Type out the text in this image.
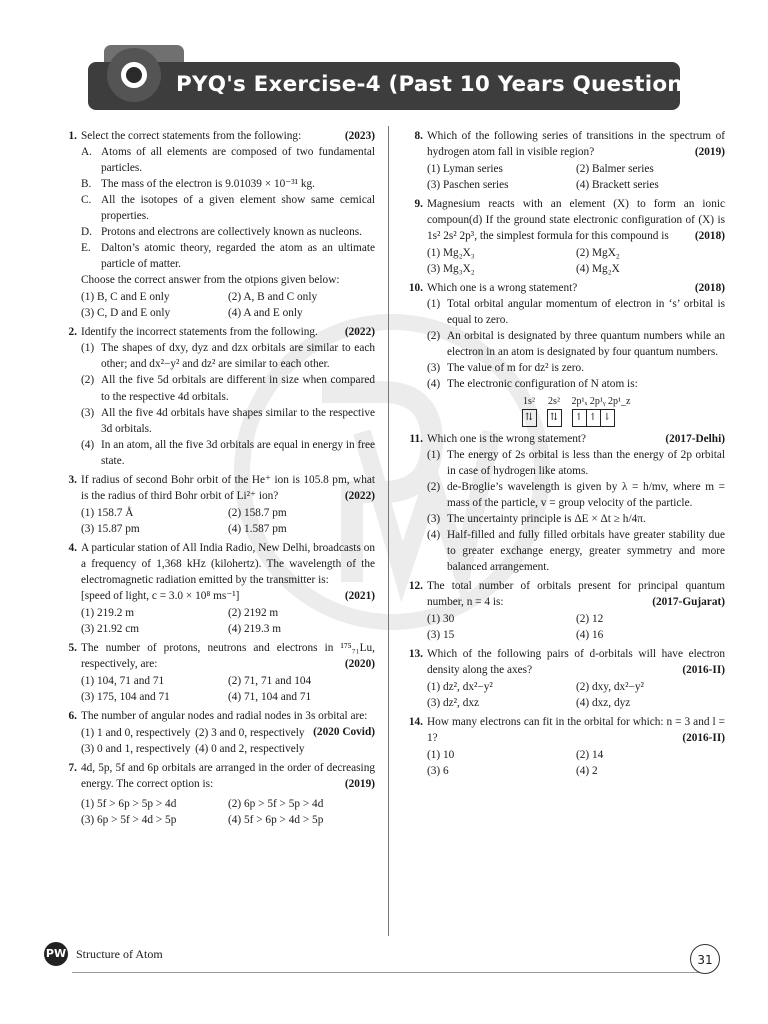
PYQ's Exercise-4 (Past 10 Years Questions)
1.	(2023)
Select the correct statements from the following:
A. Atoms of all elements are composed of two fundamental particles.
B. The mass of the electron is 9.01039 × 10⁻³¹ kg.
C. All the isotopes of a given element show same cemical properties.
D. Protons and electrons are collectively known as nucleons.
E. Dalton’s atomic theory, regarded the atom as an ultimate particle of matter.
Choose the correct answer from the otpions given below:
(1) B, C and E only	(2) A, B and C only
(3) C, D and E only	(4) A and E only
2.	(2022)
Identify the incorrect statements from the following.
(1) The shapes of dxy, dyz and dzx orbitals are similar to each other; and dx²−y² and dz² are similar to each other.
(2) All the five 5d orbitals are different in size when compared to the respective 4d orbitals.
(3) All the five 4d orbitals have shapes similar to the respective 3d orbitals.
(4) In an atom, all the five 3d orbitals are equal in energy in free state.
3. If radius of second Bohr orbit of the He⁺ ion is 105.8 pm, what is the radius of third Bohr orbit of Li²⁺ ion?	(2022)
(1) 158.7 Å	(2) 158.7 pm
(3) 15.87 pm	(4) 1.587 pm
4. A particular station of All India Radio, New Delhi, broadcasts on a frequency of 1,368 kHz (kilohertz). The wavelength of the electromagnetic radiation emitted by the transmitter is:
(2021)
[speed of light, c = 3.0 × 10⁸ ms⁻¹]
(1) 219.2 m	(2) 2192 m
(3) 21.92 cm	(4) 219.3 m
5. The number of protons, neutrons and electrons in ¹⁷⁵₇₁Lu, respectively, are:	(2020)
(1) 104, 71 and 71	(2) 71, 71 and 104
(3) 175, 104 and 71	(4) 71, 104 and 71
6. The number of angular nodes and radial nodes in 3s orbital are:
(2020 Covid)
(1) 1 and 0, respectively (2) 3 and 0, respectively
(3) 0 and 1, respectively (4) 0 and 2, respectively
7. 4d, 5p, 5f and 6p orbitals are arranged in the order of decreasing energy. The correct option is:	(2019)
(1) 5f > 6p > 5p > 4d	(2) 6p > 5f > 5p > 4d
(3) 6p > 5f > 4d > 5p	(4) 5f > 6p > 4d > 5p
8. Which of the following series of transitions in the spectrum of hydrogen atom fall in visible region?	(2019)
(1) Lyman series	(2) Balmer series
(3) Paschen series	(4) Brackett series
9. Magnesium reacts with an element (X) to form an ionic compoun(d) If the ground state electronic configuration of (X) is 1s² 2s² 2p³, the simplest formula for this compound is	(2018)
(1) Mg₂X₃	(2) MgX₂
(3) Mg₃X₂	(4) Mg₂X
10.	(2018)
Which one is a wrong statement?
(1) Total orbital angular momentum of electron in ‘s’ orbital is equal to zero.
(2) An orbital is designated by three quantum numbers while an electron in an atom is designated by four quantum numbers.
(3) The value of m for dz² is zero.
(4) The electronic configuration of N atom is:
1s²
⇅
2s²
⇅
2p¹ₓ 2p¹ᵧ 2p¹_z
↿ ↿ ⇂
11.	(2017-Delhi)
Which one is the wrong statement?
(1) The energy of 2s orbital is less than the energy of 2p orbital in case of hydrogen like atoms.
(2) de-Broglie’s wavelength is given by λ = h/mv, where m = mass of the particle, v = group velocity of the particle.
(3) The uncertainty principle is ΔE × Δt ≥ h/4π.
(4) Half-filled and fully filled orbitals have greater stability due to greater exchange energy, greater symmetry and more balanced arrangement.
12. The total number of orbitals present for principal quantum number, n = 4 is:	(2017-Gujarat)
(1) 30	(2) 12
(3) 15	(4) 16
13. Which of the following pairs of d-orbitals will have electron density along the axes?	(2016-II)
(1) dz², dx²−y²	(2) dxy, dx²−y²
(3) dz², dxz	(4) dxz, dyz
14. How many electrons can fit in the orbital for which: n = 3 and l = 1?	(2016-II)
(1) 10	(2) 14
(3) 6	(4) 2
PW Structure of Atom	31
